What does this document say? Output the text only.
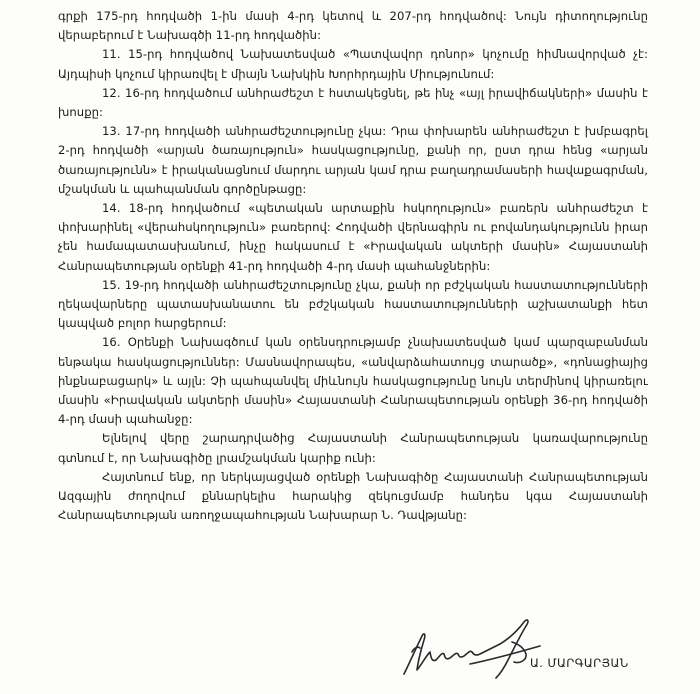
գրքի 175-րդ հոդվածի 1-ին մասի 4-րդ կետով և 207-րդ հոդվածով: Նույն դիտողությունը վերաբերում է Նախագծի 11-րդ հոդվածին:

11. 15-րդ հոդվածով Նախատեսված «Պատվավոր դոնոր» կոչումը հիմնավորված չէ: Այդպիսի կոչում կիրառվել է միայն Նախկին Խորհրդային Միությունում:

12. 16-րդ հոդվածում անհրաժեշտ է հստակեցնել, թե ինչ «այլ իրավիճակների» մասին է խոսքը:

13. 17-րդ հոդվածի անհրաժեշտությունը չկա: Դրա փոխարեն անհրաժեշտ է խմբագրել 2-րդ հոդվածի «արյան ծառայություն» հասկացությունը, քանի որ, ըստ դրա հենց «արյան ծառայությունն» է իրականացնում մարդու արյան կամ դրա բաղադրամասերի հավաքագրման, մշակման և պահպանման գործընթացը:

14. 18-րդ հոդվածում «պետական արտաքին հսկողություն» բառերն անհրաժեշտ է փոխարինել «վերահսկողություն» բառերով: Հոդվածի վերնագիրն ու բովանդակությունն իրար չեն համապատասխանում, ինչը հակասում է «Իրավական ակտերի մասին» Հայաստանի Հանրապետության օրենքի 41-րդ հոդվածի 4-րդ մասի պահանջներին:

15. 19-րդ հոդվածի անհրաժեշտությունը չկա, քանի որ բժշկական հաստատությունների ղեկավարները պատասխանատու են բժշկական հաստատությունների աշխատանքի հետ կապված բոլոր հարցերում:

16. Օրենքի Նախագծում կան օրենսդրությամբ չնախատեսված կամ պարզաբանման ենթակա հասկացություններ: Մասնավորապես, «անվարձահատույց տարածք», «դոնացիայից ինքնաբացարկ» և այլն: Չի պահպանվել միևնույն հասկացությունը նույն տերմինով կիրառելու մասին «Իրավական ակտերի մասին» Հայաստանի Հանրապետության օրենքի 36-րդ հոդվածի 4-րդ մասի պահանջը:

Ելնելով վերը շարադրվածից Հայաստանի Հանրապետության կառավարությունը գտնում է, որ Նախագիծը լրամշակման կարիք ունի:

Հայտնում ենք, որ ներկայացված օրենքի Նախագիծը Հայաստանի Հանրապետության Ազգային ժողովում քննարկելիս հարակից զեկուցմամբ հանդես կգա Հայաստանի Հանրապետության առողջապահության Նախարար Ն. Դավթյանը:

Ա. ՄԱՐԳԱՐՅԱՆ
